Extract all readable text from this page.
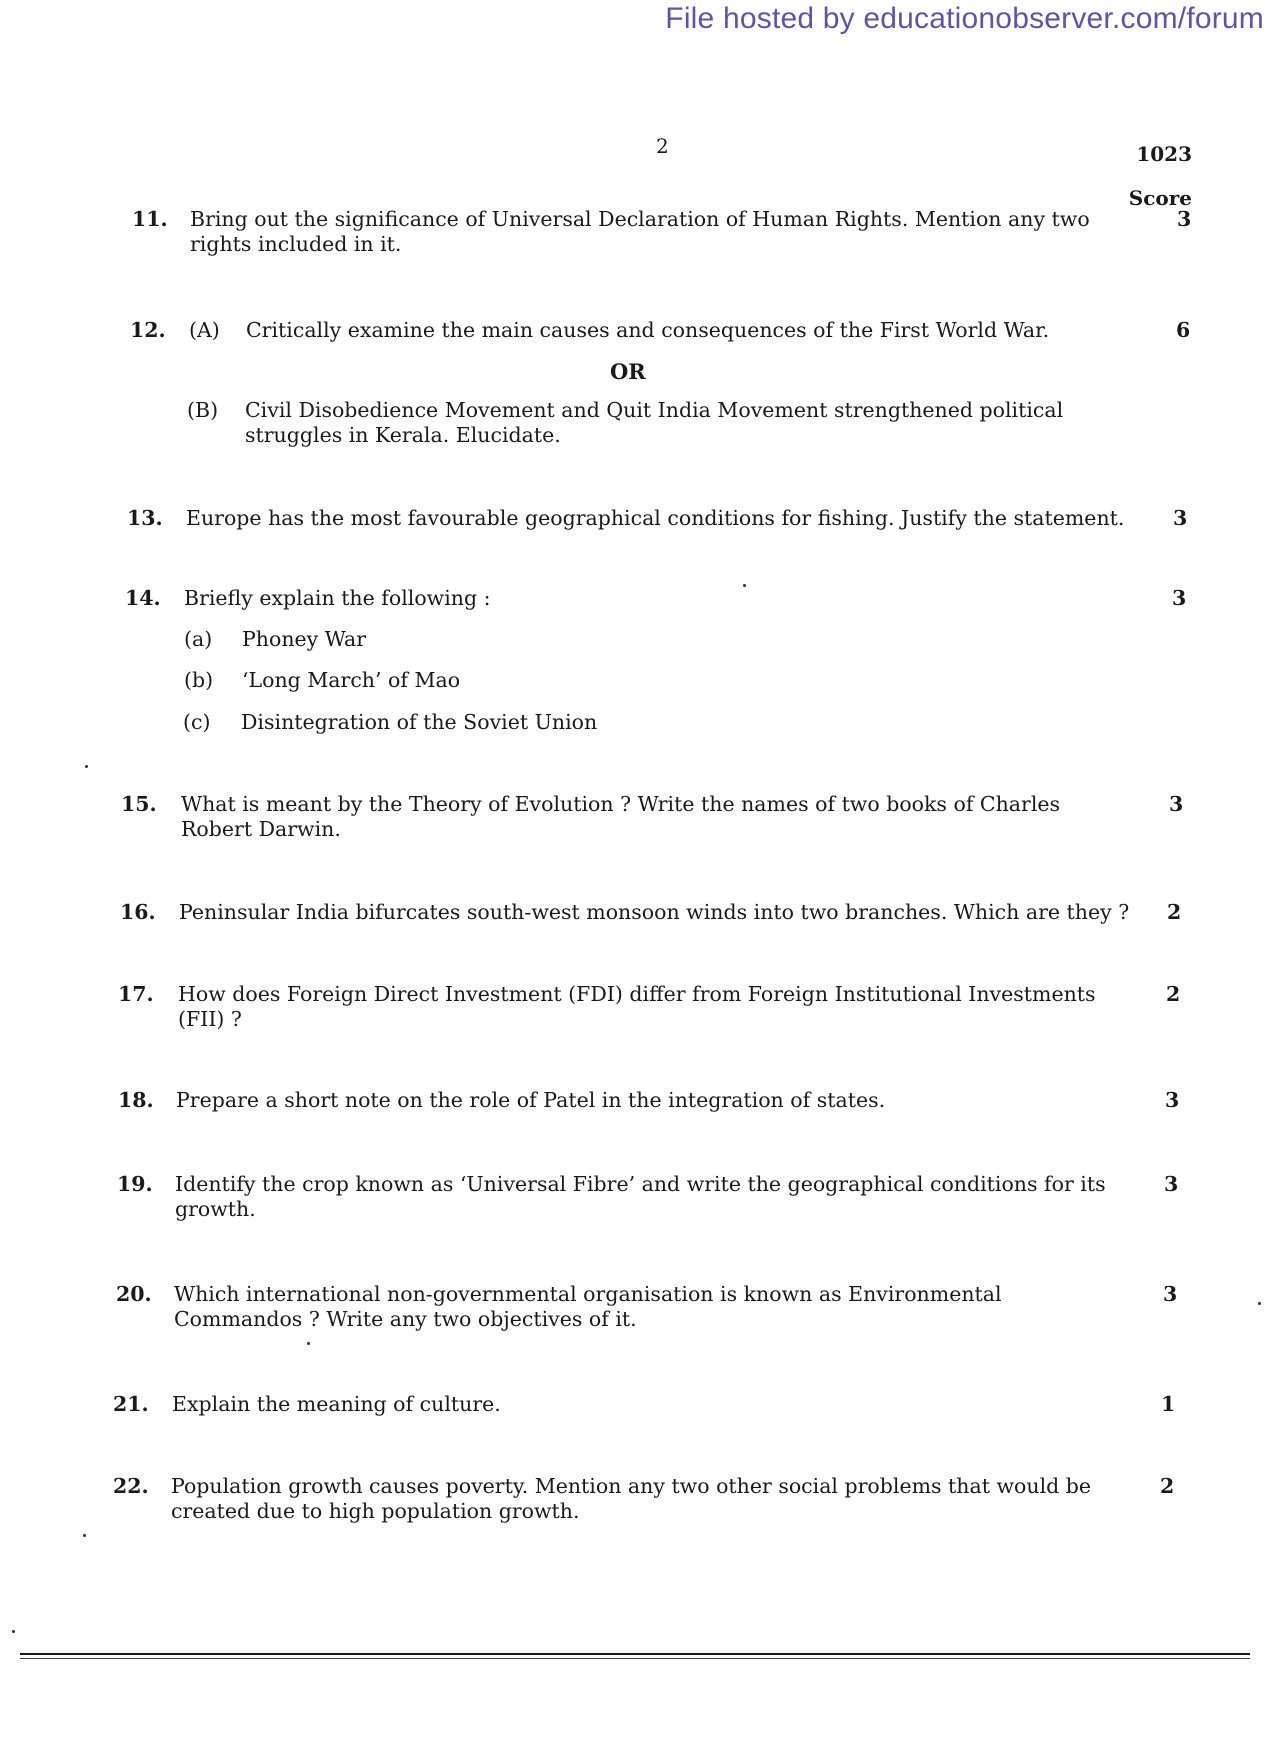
File hosted by educationobserver.com/forum
2	1023
Score
11. Bring out the significance of Universal Declaration of Human Rights. Mention any two rights included in it.
3
12. (A) Critically examine the main causes and consequences of the First World War.	6
OR
(B) Civil Disobedience Movement and Quit India Movement strengthened political struggles in Kerala. Elucidate.
13. Europe has the most favourable geographical conditions for fishing. Justify the statement.	3
14. Briefly explain the following :	3
(a) Phoney War
(b) ‘Long March’ of Mao
(c) Disintegration of the Soviet Union
15. What is meant by the Theory of Evolution ? Write the names of two books of Charles Robert Darwin.
3
16. Peninsular India bifurcates south-west monsoon winds into two branches. Which are they ?	2
17. How does Foreign Direct Investment (FDI) differ from Foreign Institutional Investments (FII) ?
2
18. Prepare a short note on the role of Patel in the integration of states.	3
19. Identify the crop known as ‘Universal Fibre’ and write the geographical conditions for its growth.
3
20. Which international non-governmental organisation is known as Environmental Commandos ? Write any two objectives of it.
3
21. Explain the meaning of culture.	1
22. Population growth causes poverty. Mention any two other social problems that would be created due to high population growth.
2
